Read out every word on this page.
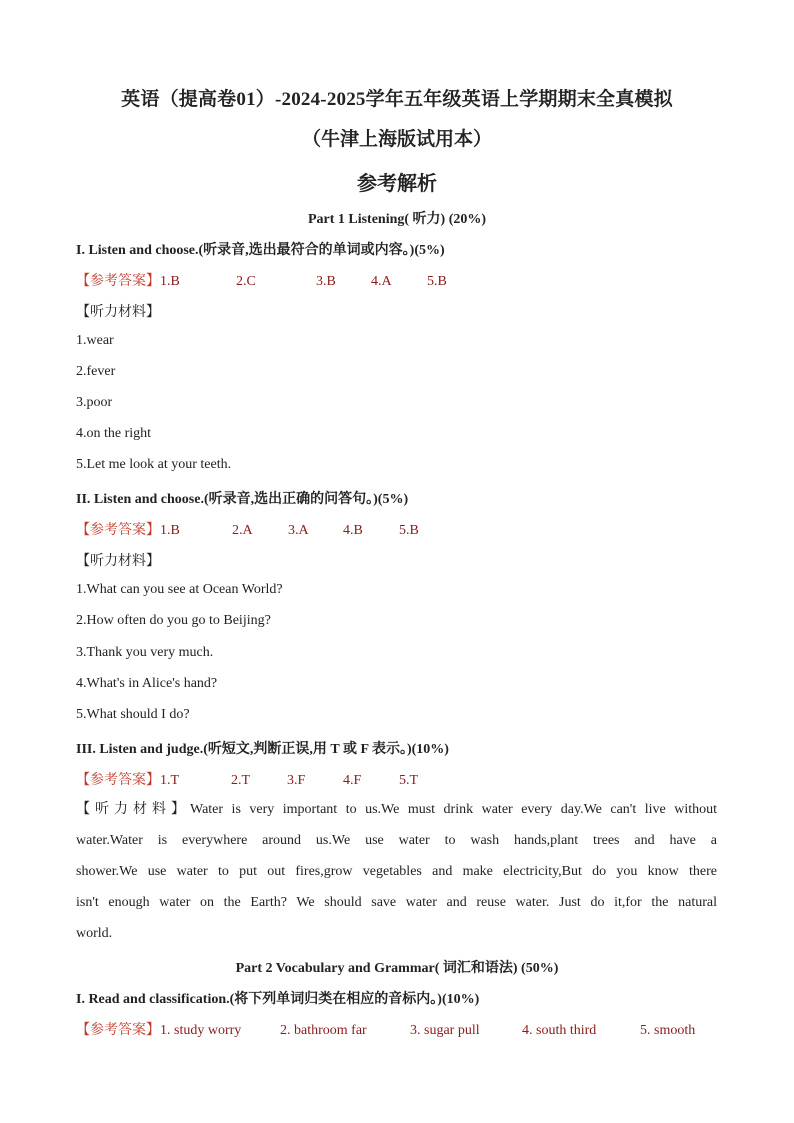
英语（提高卷01）-2024-2025学年五年级英语上学期期末全真模拟
（牛津上海版试用本）
参考解析
Part 1 Listening( 听力) (20%)
I. Listen and choose.(听录音,选出最符合的单词或内容。)(5%)
【参考答案】1.B	2.C	3.B	4.A	5.B
【听力材料】
1.wear
2.fever
3.poor
4.on the right
5.Let me look at your teeth.
II. Listen and choose.(听录音,选出正确的问答句。)(5%)
【参考答案】1.B	2.A	3.A 4.B	5.B
【听力材料】
1.What can you see at Ocean World?
2.How often do you go to Beijing?
3.Thank you very much.
4.What's in Alice's hand?
5.What should I do?
III. Listen and judge.(听短文,判断正误,用 T 或 F 表示。)(10%)
【参考答案】1.T	2.T	3.F	4.F	5.T
【听力材料】Water is very important to us.We must drink water every day.We can't live without
water.Water is everywhere around us.We use water to wash hands,plant trees and have a
shower.We use water to put out fires,grow vegetables and make electricity,But do you know there
isn't enough water on the Earth? We should save water and reuse water. Just do it,for the natural
world.
Part 2 Vocabulary and Grammar( 词汇和语法) (50%)
I. Read and classification.(将下列单词归类在相应的音标内。)(10%)
【参考答案】1. study worry	2. bathroom far	3. sugar pull	4. south third	5. smooth
